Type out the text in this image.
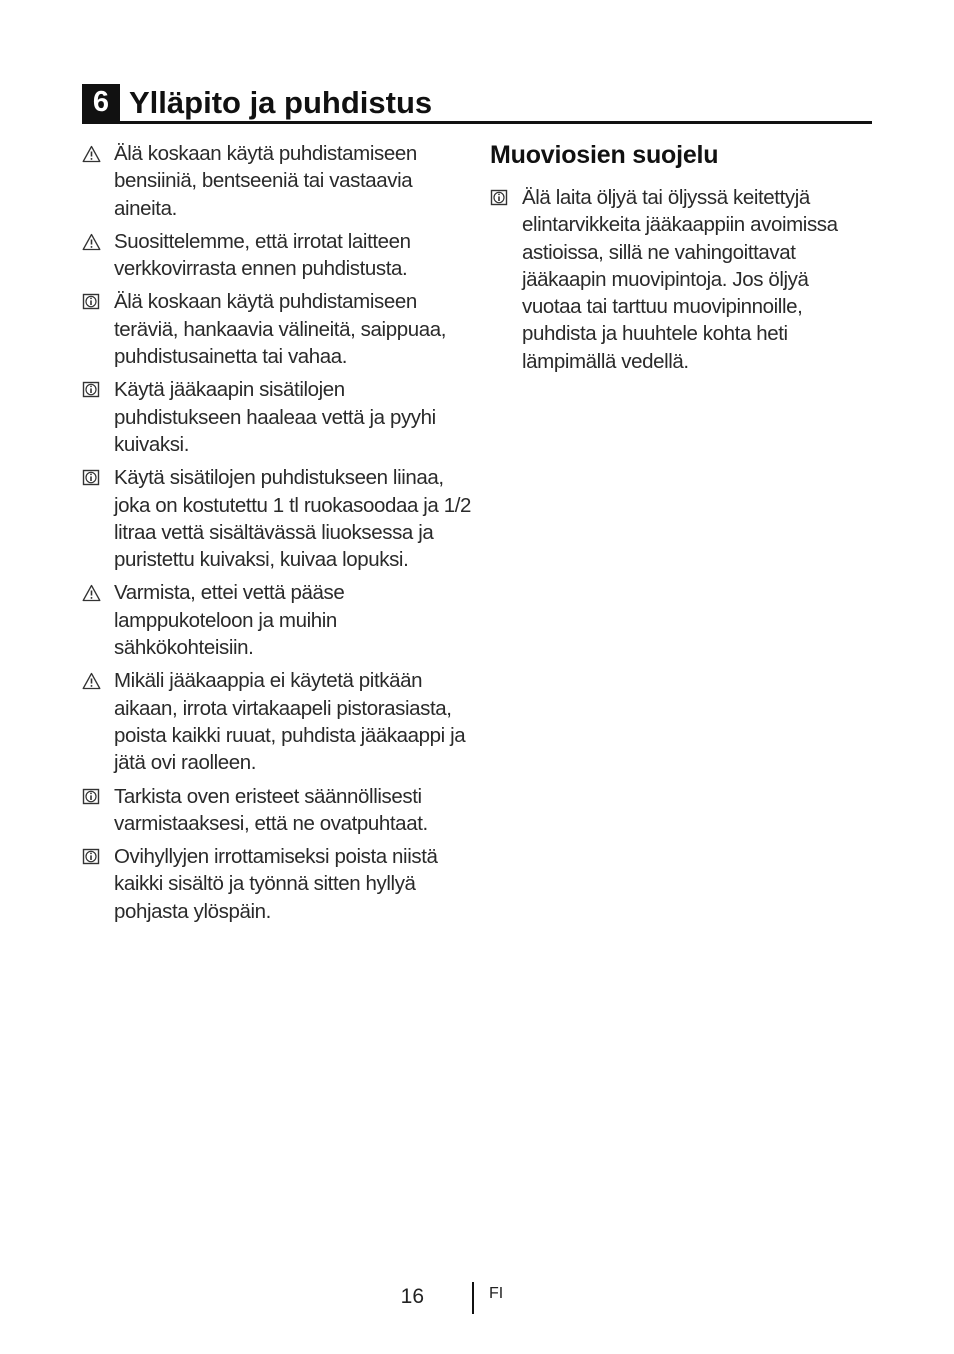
6 Ylläpito ja puhdistus
Älä koskaan käytä puhdistamiseen bensiiniä, bentseeniä tai vastaavia aineita.
Suosittelemme, että irrotat laitteen verkkovirrasta ennen puhdistusta.
Älä koskaan käytä puhdistamiseen teräviä, hankaavia välineitä, saippuaa, puhdistusainetta tai vahaa.
Käytä jääkaapin sisätilojen puhdistukseen haaleaa vettä ja pyyhi kuivaksi.
Käytä sisätilojen puhdistukseen liinaa, joka on kostutettu 1 tl ruokasoodaa ja 1/2 litraa vettä sisältävässä liuoksessa ja puristettu kuivaksi, kuivaa lopuksi.
Varmista, ettei vettä pääse lamppukoteloon ja muihin sähkökohteisiin.
Mikäli jääkaappia ei käytetä pitkään aikaan, irrota virtakaapeli pistorasiasta, poista kaikki ruuat, puhdista jääkaappi ja jätä ovi raolleen.
Tarkista oven eristeet säännöllisesti varmistaaksesi, että ne ovatpuhtaat.
Ovihyllyjen irrottamiseksi poista niistä kaikki sisältö ja työnnä sitten hyllyä pohjasta ylöspäin.
Muoviosien suojelu
Älä laita öljyä tai öljyssä keitettyjä elintarvikkeita jääkaappiin avoimissa astioissa, sillä ne vahingoittavat jääkaapin muovipintoja. Jos öljyä vuotaa tai tarttuu muovipinnoille, puhdista ja huuhtele kohta heti lämpimällä vedellä.
16	FI
